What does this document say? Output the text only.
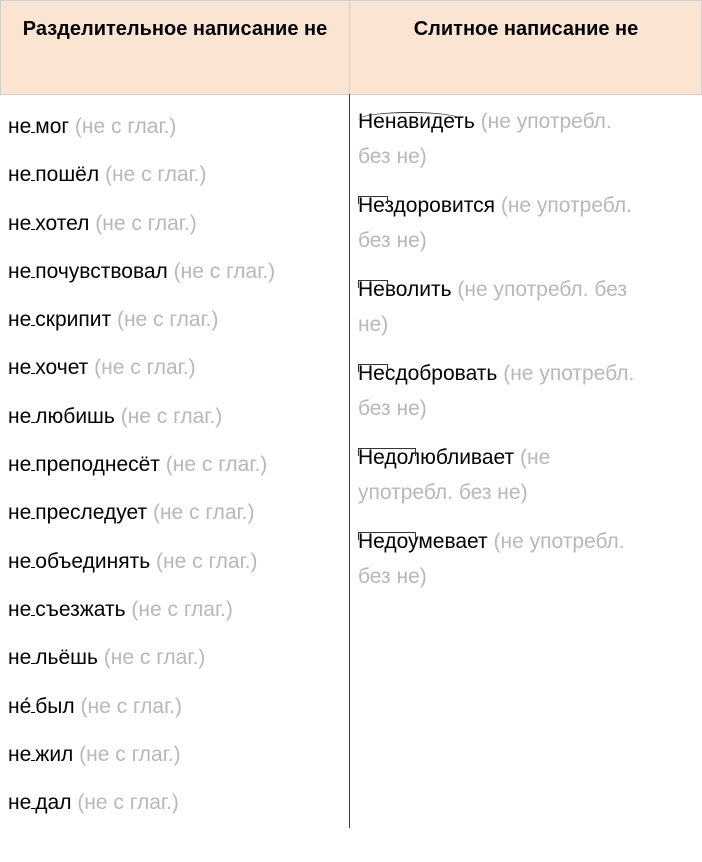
Разделительное написание не	Слитное написание не
не мог (не с глаг.)
не пошёл (не с глаг.)
не хотел (не с глаг.)
не почувствовал (не с глаг.)
не скрипит (не с глаг.)
не хочет (не с глаг.)
не любишь (не с глаг.)
не преподнесёт (не с глаг.)
не преследует (не с глаг.)
не объединять (не с глаг.)
не съезжать (не с глаг.)
не льёшь (не с глаг.)
не́ был (не с глаг.)
не жил (не с глаг.)
не дал (не с глаг.)
Ненавидеть (не употребл.
без не)
Нездоровится (не употребл.
без не)
Неволить (не употребл. без
не)
Несдобровать (не употребл.
без не)
Недолюбливает (не
употребл. без не)
Недоумевает (не употребл.
без не)
